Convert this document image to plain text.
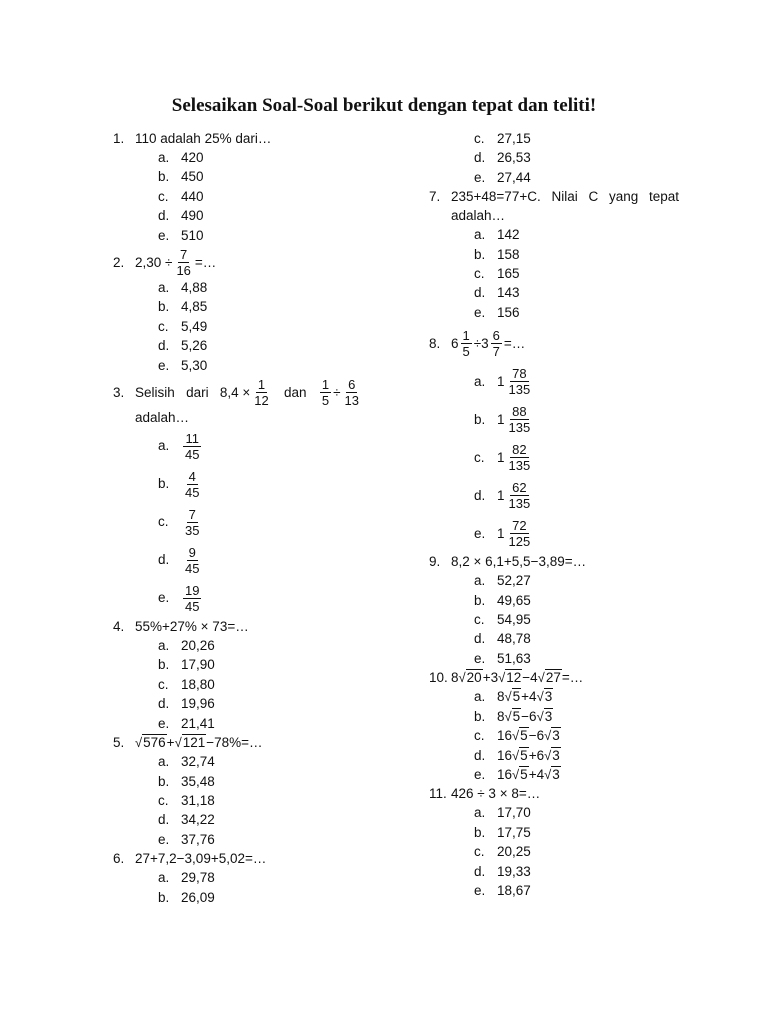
Selesaikan Soal-Soal berikut dengan tepat dan teliti!
1. 110 adalah 25% dari…
a. 420
b. 450
c. 440
d. 490
e. 510
2. $2,30 \div \frac{7}{16}$ =…
a. 4,88
b. 4,85
c. 5,49
d. 5,26
e. 5,30
3. Selisih dari $8,4 \times \frac{1}{12}$ dan $\frac{1}{5} \div \frac{6}{13}$
adalah…
a.	$\frac{11}{45}$
b.	$\frac{4}{45}$
c.	$\frac{7}{35}$
d.	$\frac{9}{45}$
e.	$\frac{19}{45}$
4. 55%+27% × 73=…
a. 20,26
b. 17,90
c. 18,80
d. 19,96
e. 21,41
5. √ 576 + √ 121 −78%=…
a. 32,74
b. 35,48
c. 31,18
d. 34,22
e. 37,76
6. 27+7,2−3,09+5,02=…
a. 29,78
b. 26,09
c. 27,15
d. 26,53
e. 27,44
7. 235+48=77+C. Nilai C yang tepat
adalah…
a. 142
b. 158
c. 165
d. 143
e. 156
8. $6 \frac{1}{5} \div 3 \frac{6}{7}$ =…
a. $1 \frac{78}{135}$
b. $1 \frac{88}{135}$
c. $1 \frac{82}{135}$
d. $1 \frac{62}{135}$
e. $1 \frac{72}{125}$
9. 8,2 × 6,1+5,5−3,89=…
a. 52,27
b. 49,65
c. 54,95
d. 48,78
e. 51,63
10. 8 √ 20 +3 √ 12 −4 √ 27 =…
a. 8 √ 5 +4 √ 3
b. 8 √ 5 −6 √ 3
c. 16 √ 5 −6 √ 3
d. 16 √ 5 +6 √ 3
e. 16 √ 5 +4 √ 3
11. 426 ÷ 3 × 8=…
a. 17,70
b. 17,75
c. 20,25
d. 19,33
e. 18,67
